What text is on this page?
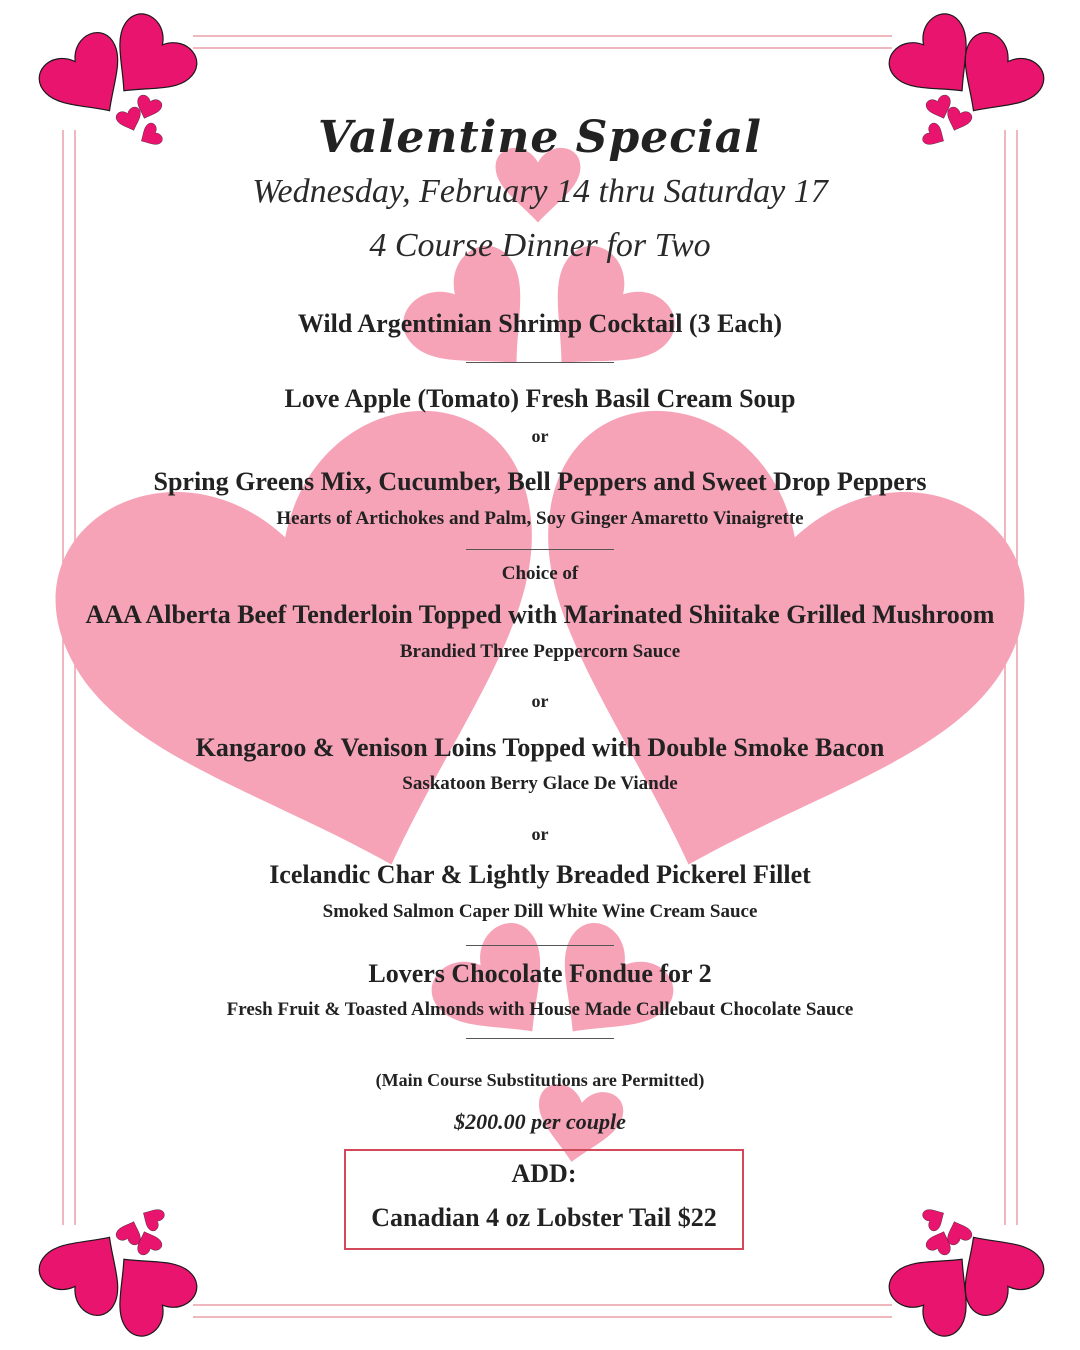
Valentine Special
Wednesday, February 14 thru Saturday 17
4 Course Dinner for Two
Wild Argentinian Shrimp Cocktail (3 Each)
Love Apple (Tomato) Fresh Basil Cream Soup
or
Spring Greens Mix, Cucumber, Bell Peppers and Sweet Drop Peppers
Hearts of Artichokes and Palm, Soy Ginger Amaretto Vinaigrette
Choice of
AAA Alberta Beef Tenderloin Topped with Marinated Shiitake Grilled Mushroom
Brandied Three Peppercorn Sauce
or
Kangaroo & Venison Loins Topped with Double Smoke Bacon
Saskatoon Berry Glace De Viande
or
Icelandic Char & Lightly Breaded Pickerel Fillet
Smoked Salmon Caper Dill White Wine Cream Sauce
Lovers Chocolate Fondue for 2
Fresh Fruit & Toasted Almonds with House Made Callebaut Chocolate Sauce
(Main Course Substitutions are Permitted)
$200.00 per couple
ADD:
Canadian 4 oz Lobster Tail $22
